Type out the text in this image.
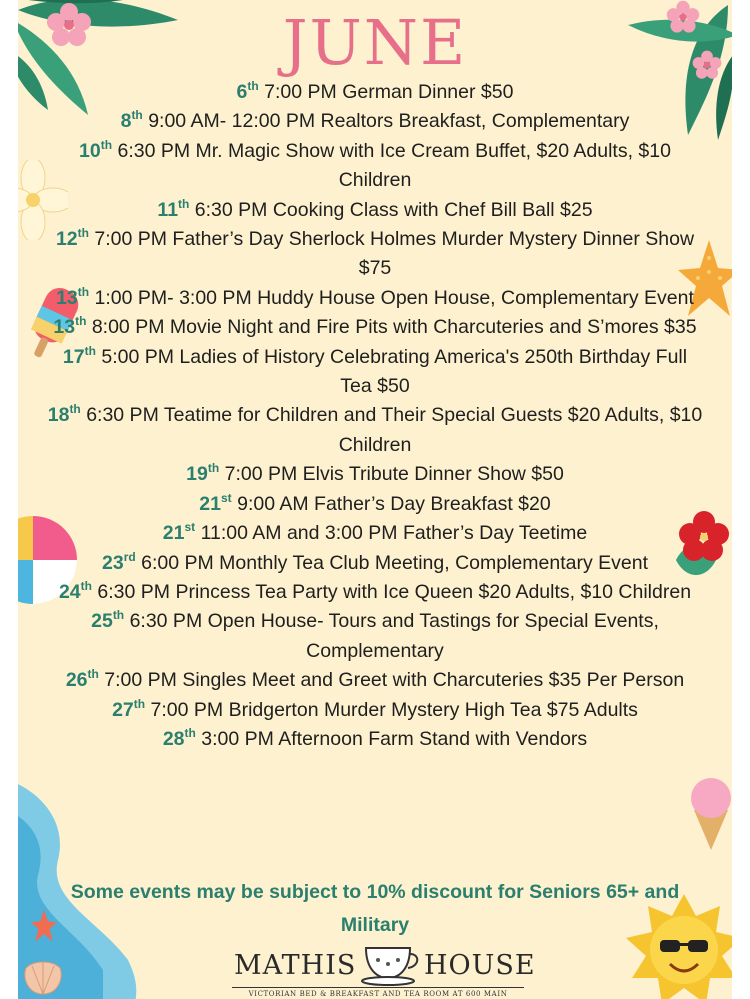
JUNE
6th 7:00 PM German Dinner $50
8th 9:00 AM- 12:00 PM Realtors Breakfast, Complementary
10th 6:30 PM Mr. Magic Show with Ice Cream Buffet, $20 Adults, $10 Children
11th 6:30 PM Cooking Class with Chef Bill Ball $25
12th 7:00 PM Father’s Day Sherlock Holmes Murder Mystery Dinner Show $75
13th 1:00 PM- 3:00 PM Huddy House Open House, Complementary Event
13th 8:00 PM Movie Night and Fire Pits with Charcuteries and S’mores $35
17th 5:00 PM Ladies of History Celebrating America's 250th Birthday Full Tea $50
18th 6:30 PM Teatime for Children and Their Special Guests $20 Adults, $10 Children
19th 7:00 PM Elvis Tribute Dinner Show $50
21st 9:00 AM Father’s Day Breakfast $20
21st 11:00 AM and 3:00 PM Father’s Day Teetime
23rd 6:00 PM Monthly Tea Club Meeting, Complementary Event
24th 6:30 PM Princess Tea Party with Ice Queen $20 Adults, $10 Children
25th 6:30 PM Open House- Tours and Tastings for Special Events, Complementary
26th 7:00 PM Singles Meet and Greet with Charcuteries $35 Per Person
27th 7:00 PM Bridgerton Murder Mystery High Tea $75 Adults
28th 3:00 PM Afternoon Farm Stand with Vendors
Some events may be subject to 10% discount for Seniors 65+ and Military
MATHIS	HOUSE
VICTORIAN BED & BREAKFAST AND TEA ROOM AT 600 MAIN
